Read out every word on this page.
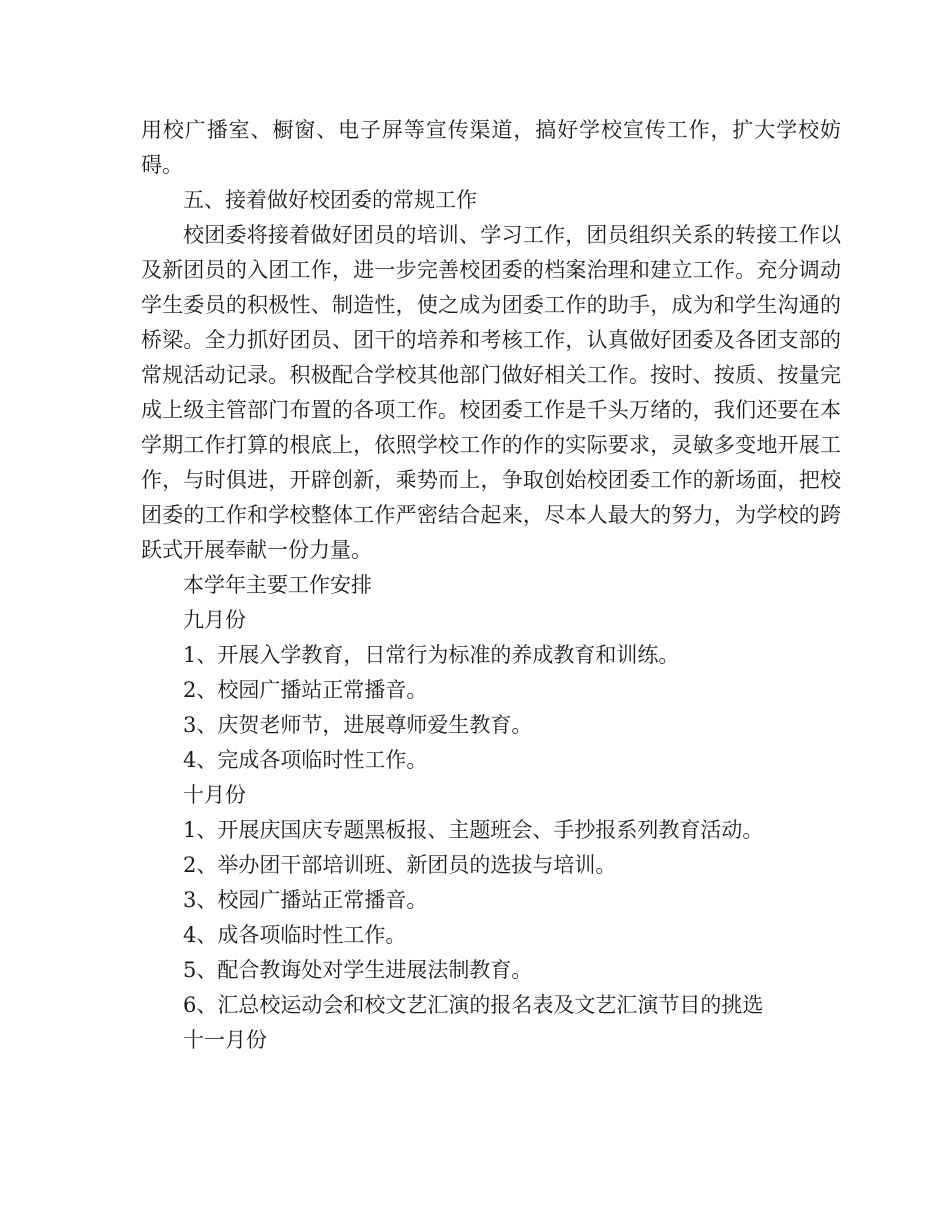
用校广播室、橱窗、电子屏等宣传渠道，搞好学校宣传工作，扩大学校妨碍。

五、接着做好校团委的常规工作

校团委将接着做好团员的培训、学习工作，团员组织关系的转接工作以及新团员的入团工作，进一步完善校团委的档案治理和建立工作。充分调动学生委员的积极性、制造性，使之成为团委工作的助手，成为和学生沟通的桥梁。全力抓好团员、团干的培养和考核工作，认真做好团委及各团支部的常规活动记录。积极配合学校其他部门做好相关工作。按时、按质、按量完成上级主管部门布置的各项工作。校团委工作是千头万绪的，我们还要在本学期工作打算的根底上，依照学校工作的作的实际要求，灵敏多变地开展工作，与时俱进，开辟创新，乘势而上，争取创始校团委工作的新场面，把校团委的工作和学校整体工作严密结合起来，尽本人最大的努力，为学校的跨跃式开展奉献一份力量。

本学年主要工作安排

九月份

1、开展入学教育，日常行为标准的养成教育和训练。

2、校园广播站正常播音。

3、庆贺老师节，进展尊师爱生教育。

4、完成各项临时性工作。

十月份

1、开展庆国庆专题黑板报、主题班会、手抄报系列教育活动。

2、举办团干部培训班、新团员的选拔与培训。

3、校园广播站正常播音。

4、成各项临时性工作。

5、配合教诲处对学生进展法制教育。

6、汇总校运动会和校文艺汇演的报名表及文艺汇演节目的挑选

十一月份
